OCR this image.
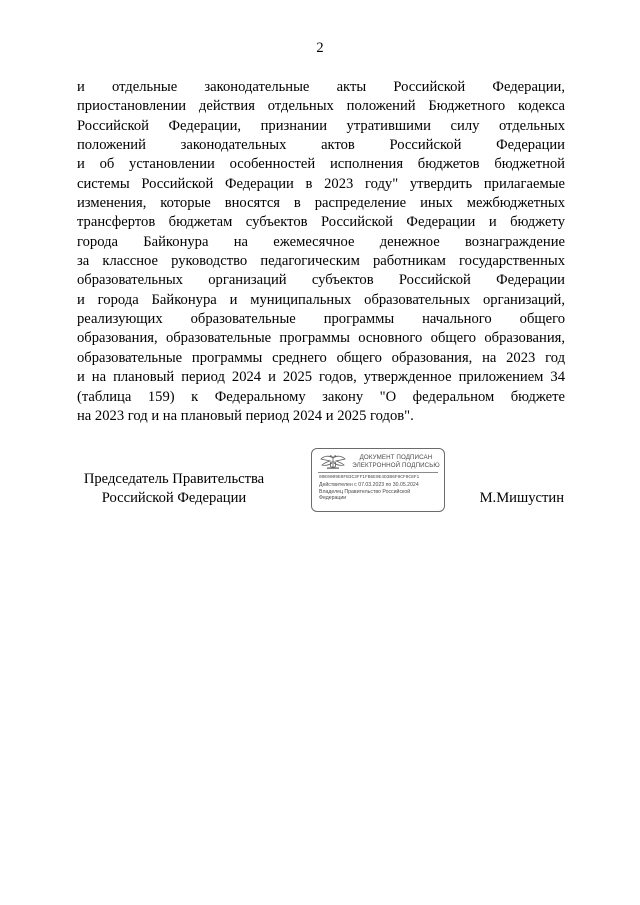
2
и отдельные законодательные акты Российской Федерации,
приостановлении действия отдельных положений Бюджетного кодекса
Российской Федерации, признании утратившими силу отдельных
положений законодательных актов Российской Федерации
и об установлении особенностей исполнения бюджетов бюджетной
системы Российской Федерации в 2023 году" утвердить прилагаемые
изменения, которые вносятся в распределение иных межбюджетных
трансфертов бюджетам субъектов Российской Федерации и бюджету
города Байконура на ежемесячное денежное вознаграждение
за классное руководство педагогическим работникам государственных
образовательных организаций субъектов Российской Федерации
и города Байконура и муниципальных образовательных организаций,
реализующих образовательные программы начального общего
образования, образовательные программы основного общего образования,
образовательные программы среднего общего образования, на 2023 год
и на плановый период 2024 и 2025 годов, утвержденное приложением 34
(таблица 159) к Федеральному закону "О федеральном бюджете
на 2023 год и на плановый период 2024 и 2025 годов".
Председатель Правительства
Российской Федерации
ДОКУМЕНТ ПОДПИСАН
ЭЛЕКТРОННОЙ ПОДПИСЬЮ
00E0009E0FB3C3FF1FB6E9E4D3B6F0CF0C8F1
Действителен с 07.03.2023 по 30.05.2024
Владелец Правительство Российской
Федерации	М.Мишустин
